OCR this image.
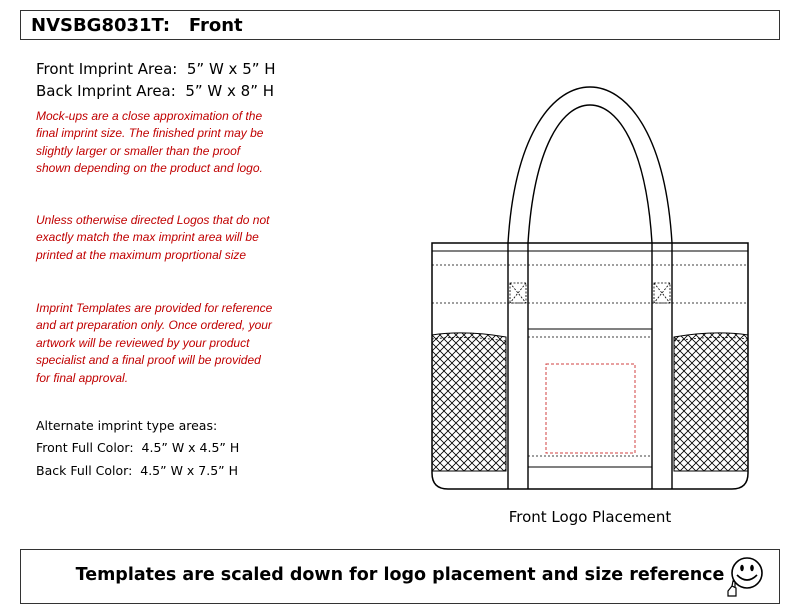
NVSBG8031T:   Front
Front Imprint Area:  5” W x 5” H
Back Imprint Area:  5” W x 8” H
Mock-ups are a close approximation of the final imprint size. The finished print may be slightly larger or smaller than the proof shown depending on the product and logo.
Unless otherwise directed Logos that do not exactly match the max imprint area will be printed at the maximum proprtional size
Imprint Templates are provided for reference and art preparation only. Once ordered, your artwork will be reviewed by your product specialist and a final proof will be provided for final approval.
Alternate imprint type areas:
Front Full Color:  4.5” W x 4.5” H
Back Full Color:  4.5” W x 7.5” H
Front Logo Placement
Templates are scaled down for logo placement and size reference
